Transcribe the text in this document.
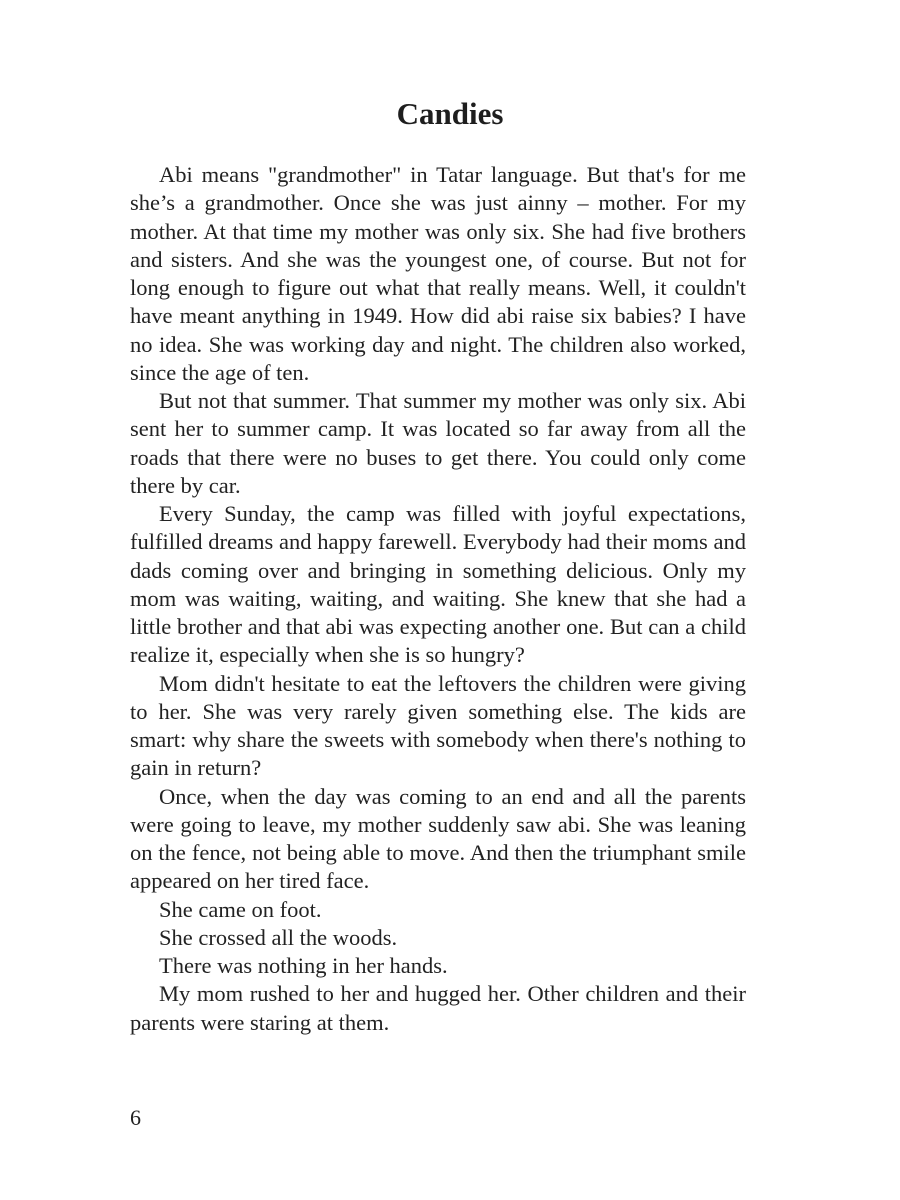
Candies

Abi means "grandmother" in Tatar language. But that's for me she’s a grandmother. Once she was just ainny – mother. For my mother. At that time my mother was only six. She had five brothers and sisters. And she was the youngest one, of course. But not for long enough to figure out what that really means. Well, it couldn't have meant anything in 1949. How did abi raise six babies? I have no idea. She was working day and night. The children also worked, since the age of ten.

But not that summer. That summer my mother was only six. Abi sent her to summer camp. It was located so far away from all the roads that there were no buses to get there. You could only come there by car.

Every Sunday, the camp was filled with joyful expectations, fulfilled dreams and happy farewell. Everybody had their moms and dads coming over and bringing in something delicious. Only my mom was waiting, waiting, and waiting. She knew that she had a little brother and that abi was expecting another one. But can a child realize it, especially when she is so hungry?

Mom didn't hesitate to eat the leftovers the children were giving to her. She was very rarely given something else. The kids are smart: why share the sweets with somebody when there's nothing to gain in return?

Once, when the day was coming to an end and all the parents were going to leave, my mother suddenly saw abi. She was leaning on the fence, not being able to move. And then the triumphant smile appeared on her tired face.

She came on foot.

She crossed all the woods.

There was nothing in her hands.

My mom rushed to her and hugged her. Other children and their parents were staring at them.

6
